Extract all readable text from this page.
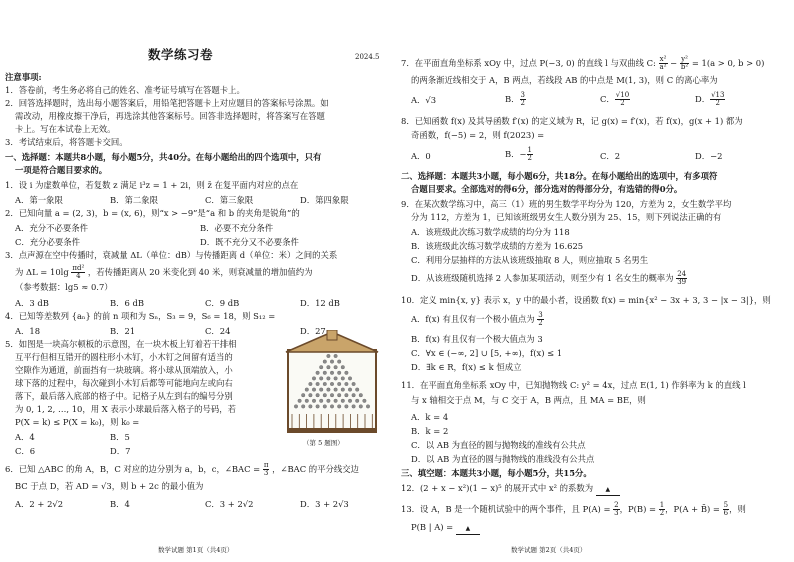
数学练习卷	2024.5
注意事项:
1．答卷前，考生务必将自己的姓名、准考证号填写在答题卡上。
2．回答选择题时，选出每小题答案后，用铅笔把答题卡上对应题目的答案标号涂黑。如
需改动，用橡皮擦干净后，再选涂其他答案标号。回答非选择题时，将答案写在答题
卡上。写在本试卷上无效。
3．考试结束后，将答题卡交回。
一、选择题：本题共8小题，每小题5分，共40分。在每小题给出的四个选项中，只有
一项是符合题目要求的。
1．设 i 为虚数单位，若复数 z 满足 i³z = 1 + 2i，则 z̄ 在复平面内对应的点在
A．第一象限	B．第二象限	C．第三象限	D．第四象限
2．已知向量 a = (2, 3)，b = (x, 6)，则“x > −9”是“a 和 b 的夹角是锐角”的
A．充分不必要条件	B．必要不充分条件
C．充分必要条件	D．既不充分又不必要条件
3．点声源在空中传播时，衰减量 ΔL（单位：dB）与传播距离 d（单位：米）之间的关系
为 $\Delta L = 10\lg \frac{\text{πd²}}{4}$ ，若传播距离从 20 米变化到 40 米，则衰减量的增加值约为
（参考数据：lg5 ≈ 0.7）
A．3 dB	B．6 dB	C．9 dB	D．12 dB
4．已知等差数列 {aₙ} 的前 n 项和为 Sₙ，S₃ = 9，S₆ = 18，则 S₁₂ =
A．18	B．21	C．24	D．27
5．如图是一块高尔顿板的示意图，在一块木板上钉着若干排相
互平行但相互错开的圆柱形小木钉，小木钉之间留有适当的
空隙作为通道，前面挡有一块玻璃。将小球从顶端放入，小
球下落的过程中，每次碰到小木钉后都等可能地向左或向右
落下，最后落入底部的格子中。记格子从左到右的编号分别
为 0, 1, 2, …, 10，用 X 表示小球最后落入格子的号码，若
P(X = k) ≤ P(X = k₀)，则 k₀ =
A．4	B．5
C．6	D．7
（第 5 题图）
6．已知 △ABC 的角 A，B，C 对应的边分别为 a，b，c，∠BAC = $\frac{\pi}{3}$ ，∠BAC 的平分线交边
BC 于点 D，若 AD = √3，则 b + 2c 的最小值为
A．2 + 2√2	B．4	C．3 + 2√2	D．3 + 2√3
数学试题 第1页（共4页）
7．在平面直角坐标系 xOy 中，过点 P(−3, 0) 的直线 l 与双曲线 C: $\frac{\text{x²}}{\text{a²}} - \frac{\text{y²}}{\text{b²}} = 1(a > 0$, b > 0)
的两条渐近线相交于 A，B 两点，若线段 AB 的中点是 M(1, 3)，则 C 的离心率为
A．√3	B． $\frac{3}{2}$	C． $\frac{√10}{2}$	D． $\frac{√13}{2}$
8．已知函数 f(x) 及其导函数 f′(x) 的定义域为 R，记 g(x) = f′(x)，若 f(x)，g(x + 1) 都为
奇函数，f(−5) = 2，则 f(2023) =
A．0	B．− $\frac{1}{2}$	C．2	D．−2
二、选择题：本题共3小题，每小题6分，共18分。在每小题给出的选项中，有多项符
合题目要求。全部选对的得6分，部分选对的得部分分，有选错的得0分。
9．在某次数学练习中，高三（1）班的男生数学平均分为 120，方差为 2，女生数学平均
分为 112，方差为 1，已知该班级男女生人数分别为 25、15，则下列说法正确的有
A．该班级此次练习数学成绩的均分为 118
B．该班级此次练习数学成绩的方差为 16.625
C．利用分层抽样的方法从该班级抽取 8 人，则应抽取 5 名男生
D．从该班级随机选择 2 人参加某项活动，则至少有 1 名女生的概率为 $\frac{24}{39}$
10．定义 min{x, y} 表示 x，y 中的最小者，设函数 f(x) = min{x² − 3x + 3, 3 − |x − 3|}，则
A．f(x) 有且仅有一个极小值点为 $\frac{3}{2}$
B．f(x) 有且仅有一个极大值点为 3
C．∀x ∈ (−∞, 2] ∪ [5, +∞)，f(x) ≤ 1
D．∃k ∈ R，f(x) ≤ k 恒成立
11．在平面直角坐标系 xOy 中，已知抛物线 C: y² = 4x，过点 E(1, 1) 作斜率为 k 的直线 l
与 x 轴相交于点 M，与 C 交于 A，B 两点，且 MA = BE，则
A．k = 4
B．k = 2
C．以 AB 为直径的圆与抛物线的准线有公共点
D．以 AB 为直径的圆与抛物线的准线没有公共点
三、填空题：本题共3小题，每小题5分，共15分。
12．(2 + x − x²)(1 − x)⁵ 的展开式中 x² 的系数为 ▲
13．设 A，B 是一个随机试验中的两个事件，且 $P(A) = \frac{2}{3}$ ，$P(B) = \frac{1}{2}$ ，P(A + B̄) = $\frac{5}{6}$ ，则
P(B | A) = ▲
数学试题 第2页（共4页）
